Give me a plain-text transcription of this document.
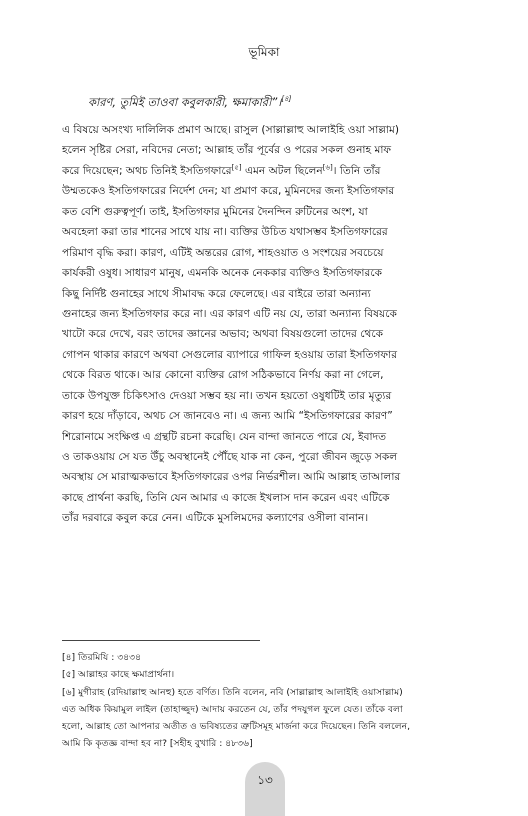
ভূমিকা
কারণ, তুমিই তাওবা কবুলকারী, ক্ষমাকারী”।[৪]
এ বিষয়ে অসংখ্য দালিলিক প্রমাণ আছে। রাসুল (সাল্লাল্লাহু আলাইহি ওয়া সাল্লাম)
হলেন সৃষ্টির সেরা, নবিদের নেতা; আল্লাহ তাঁর পূর্বের ও পরের সকল গুনাহ মাফ
করে দিয়েছেন; অথচ তিনিই ইসতিগফারে[৫] এমন অটল ছিলেন[৬]। তিনি তাঁর
উম্মতকেও ইসতিগফারের নির্দেশ দেন; যা প্রমাণ করে, মুমিনদের জন্য ইসতিগফার
কত বেশি গুরুত্বপূর্ণ। তাই, ইসতিগফার মুমিনের দৈনন্দিন রুটিনের অংশ, যা
অবহেলা করা তার শানের সাথে যায় না। ব্যক্তির উচিত যথাসম্ভব ইসতিগফারের
পরিমাণ বৃদ্ধি করা। কারণ, এটিই অন্তরের রোগ, শাহওয়াত ও সংশয়ের সবচেয়ে
কার্যকরী ওষুধ। সাধারণ মানুষ, এমনকি অনেক নেককার ব্যক্তিও ইসতিগফারকে
কিছু নির্দিষ্ট গুনাহের সাথে সীমাবদ্ধ করে ফেলেছে। এর বাইরে তারা অন্যান্য
গুনাহের জন্য ইসতিগফার করে না। এর কারণ এটি নয় যে, তারা অন্যান্য বিষয়কে
খাটো করে দেখে, বরং তাদের জ্ঞানের অভাব; অথবা বিষয়গুলো তাদের থেকে
গোপন থাকার কারণে অথবা সেগুলোর ব্যাপারে গাফিল হওয়ায় তারা ইসতিগফার
থেকে বিরত থাকে। আর কোনো ব্যক্তির রোগ সঠিকভাবে নির্ণয় করা না গেলে,
তাকে উপযুক্ত চিকিৎসাও দেওয়া সম্ভব হয় না। তখন হয়তো ওষুধটিই তার মৃত্যুর
কারণ হয়ে দাঁড়াবে, অথচ সে জানবেও না। এ জন্য আমি “ইসতিগফারের কারণ”
শিরোনামে সংক্ষিপ্ত এ গ্রন্থটি রচনা করেছি। যেন বান্দা জানতে পারে যে, ইবাদত
ও তাকওয়ায় সে যত উঁচু অবস্থানেই পৌঁছে যাক না কেন, পুরো জীবন জুড়ে সকল
অবস্থায় সে মারাত্মকভাবে ইসতিগফারের ওপর নির্ভরশীল। আমি আল্লাহ তাআলার
কাছে প্রার্থনা করছি, তিনি যেন আমার এ কাজে ইখলাস দান করেন এবং এটিকে
তাঁর দরবারে কবুল করে নেন। এটিকে মুসলিমদের কল্যাণের ওসীলা বানান।
[৪] তিরমিযি : ৩৪৩৪
[৫] আল্লাহর কাছে ক্ষমাপ্রার্থনা।
[৬] মুগীরাহ (রদিয়াল্লাহু আনহু) হতে বর্ণিত। তিনি বলেন, নবি (সাল্লাল্লাহু আলাইহি ওয়াসাল্লাম)
এত অধিক কিয়ামুল লাইল (তাহাজ্জুদ) আদায় করতেন যে, তাঁর পদযুগল ফুলে যেত। তাঁকে বলা
হলো, আল্লাহ তো আপনার অতীত ও ভবিষ্যতের ত্রুটিসমূহ মার্জনা করে দিয়েছেন। তিনি বললেন,
আমি কি কৃতজ্ঞ বান্দা হব না? [সহীহ বুখারি : ৪৮৩৬]
১৩
